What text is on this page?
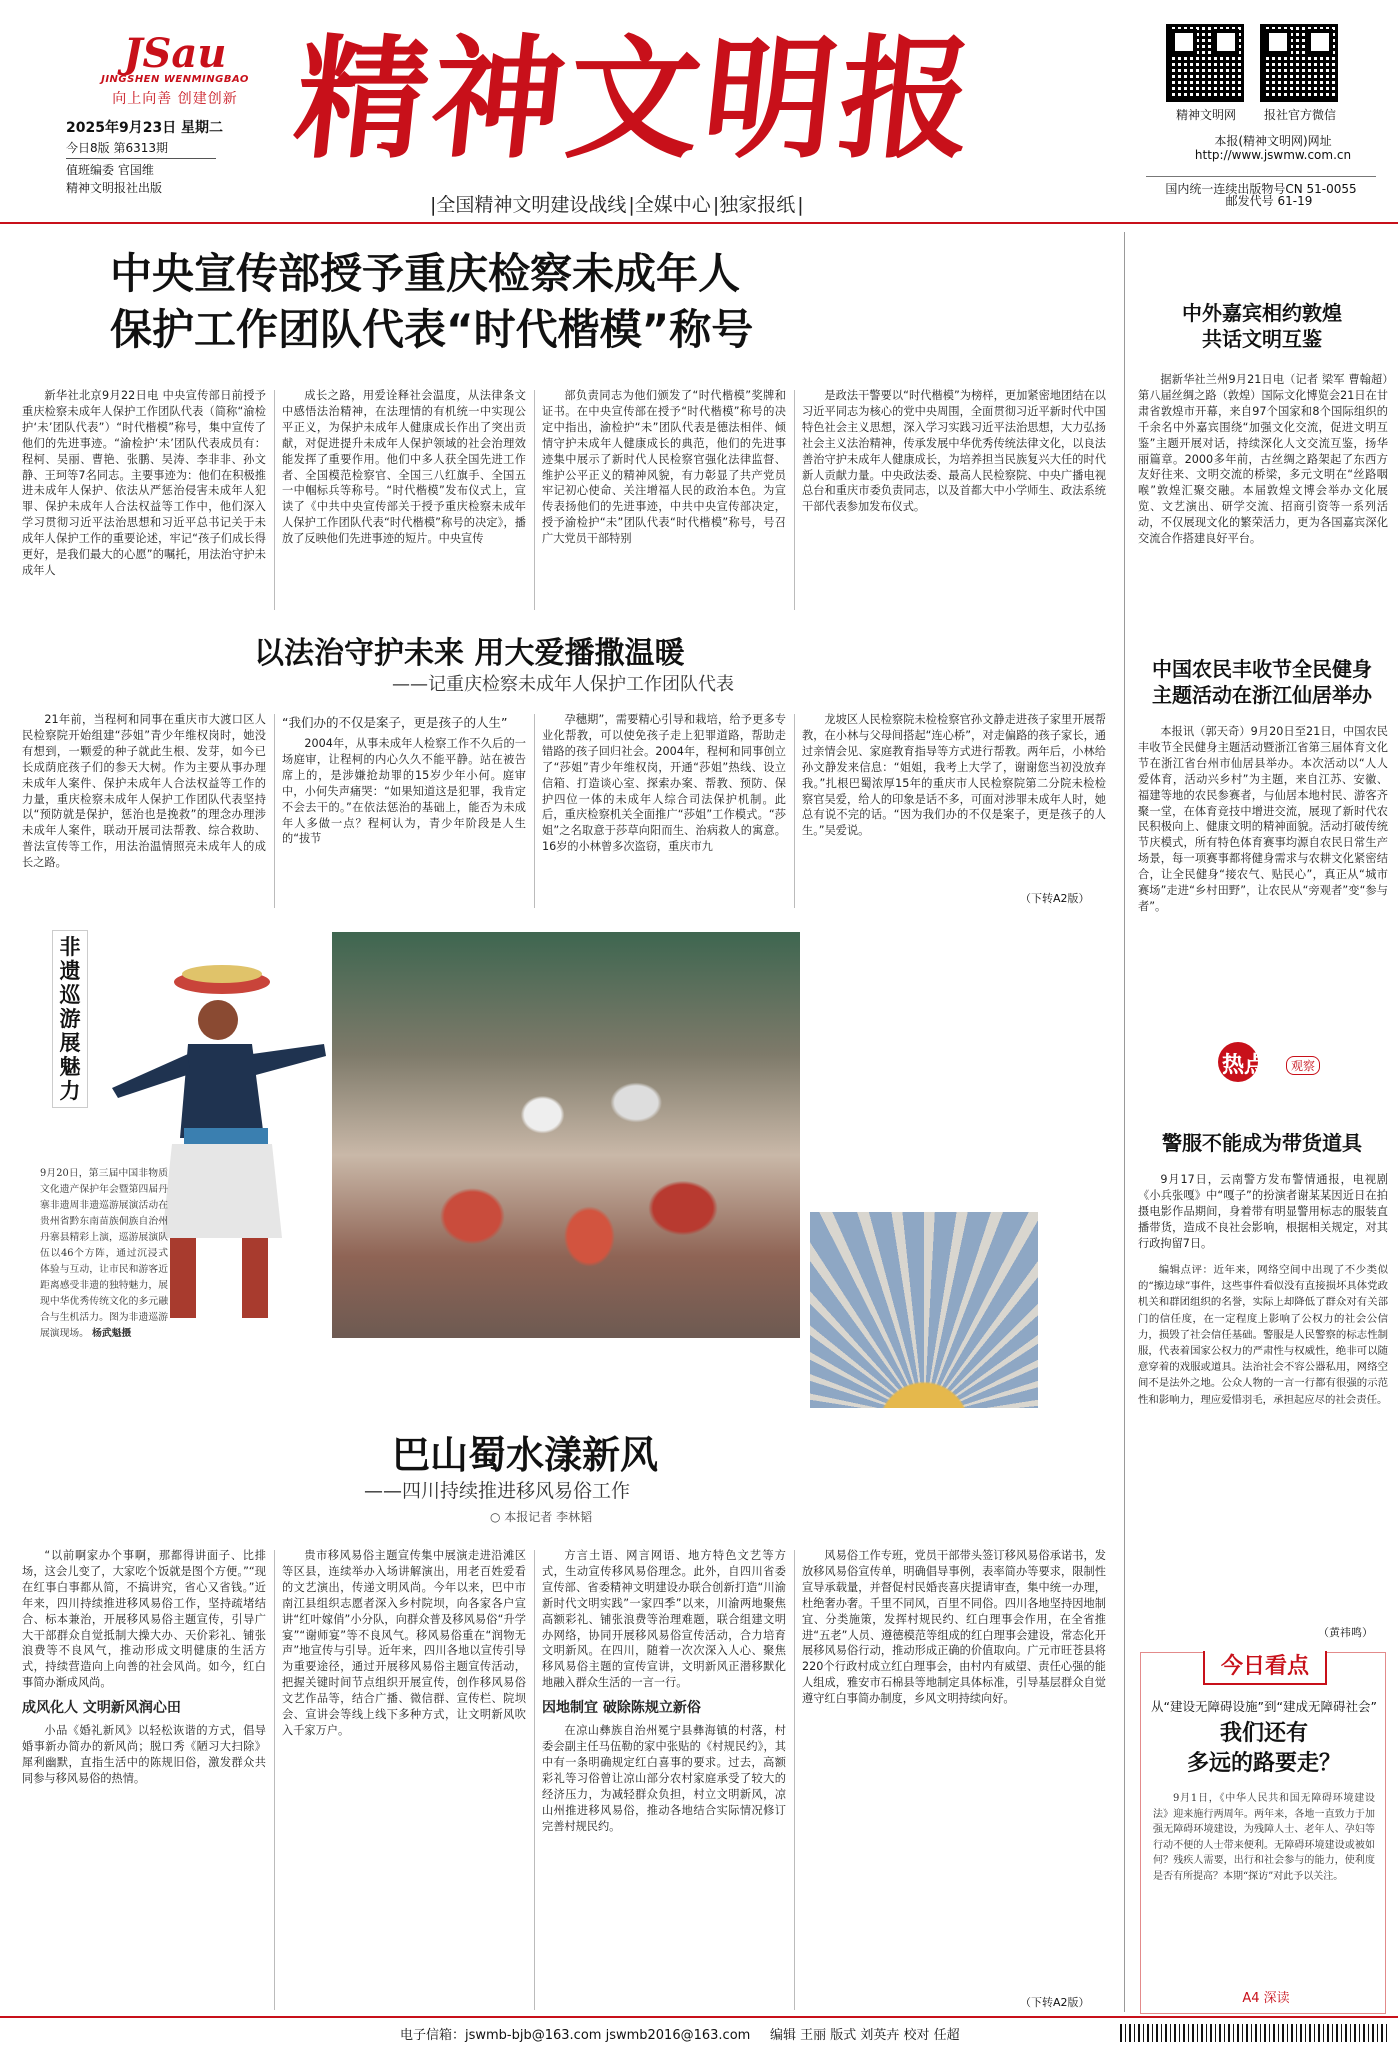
JSau
JINGSHEN WENMINGBAO
向上向善 创建创新
2025年9月23日 星期二
今日8版 第6313期
值班编委 官国维
精神文明报社出版
精神文明报
|全国精神文明建设战线 |全媒中心 |独家报纸 |
精神文明网	报社官方微信
本报(精神文明网)网址
http://www.jswmw.com.cn
国内统一连续出版物号CN 51-0055
邮发代号 61-19
中央宣传部授予重庆检察未成年人
保护工作团队代表“时代楷模”称号

新华社北京9月22日电 中央宣传部日前授予重庆检察未成年人保护工作团队代表（简称“渝检护‘未’团队代表”）“时代楷模”称号，集中宣传了他们的先进事迹。“渝检护‘未’团队代表成员有：程柯、吴丽、曹艳、张鹏、吴涛、李非非、孙文静、王珂等7名同志。主要事迹为：他们在积极推进未成年人保护、依法从严惩治侵害未成年人犯罪、保护未成年人合法权益等工作中，他们深入学习贯彻习近平法治思想和习近平总书记关于未成年人保护工作的重要论述，牢记“孩子们成长得更好，是我们最大的心愿”的嘱托，用法治守护未成年人

成长之路，用爱诠释社会温度，从法律条文中感悟法治精神，在法理情的有机统一中实现公平正义，为保护未成年人健康成长作出了突出贡献，对促进提升未成年人保护领域的社会治理效能发挥了重要作用。他们中多人获全国先进工作者、全国模范检察官、全国三八红旗手、全国五一中帼标兵等称号。“时代楷模”发布仪式上，宣读了《中共中央宣传部关于授予重庆检察未成年人保护工作团队代表“时代楷模”称号的决定》，播放了反映他们先进事迹的短片。中央宣传

部负责同志为他们颁发了“时代楷模”奖牌和证书。在中央宣传部在授予“时代楷模”称号的决定中指出，渝检护“未”团队代表是德法相伴、倾情守护未成年人健康成长的典范，他们的先进事迹集中展示了新时代人民检察官强化法律监督、维护公平正义的精神风貌，有力彰显了共产党员牢记初心使命、关注增福人民的政治本色。为宣传表扬他们的先进事迹，中共中央宣传部决定，授予渝检护“未”团队代表“时代楷模”称号，号召广大党员干部特别

是政法干警要以“时代楷模”为榜样，更加紧密地团结在以习近平同志为核心的党中央周围，全面贯彻习近平新时代中国特色社会主义思想，深入学习实践习近平法治思想，大力弘扬社会主义法治精神，传承发展中华优秀传统法律文化，以良法善治守护未成年人健康成长，为培养担当民族复兴大任的时代新人贡献力量。中央政法委、最高人民检察院、中央广播电视总台和重庆市委负责同志，以及首都大中小学师生、政法系统干部代表参加发布仪式。

以法治守护未来 用大爱播撒温暖
——记重庆检察未成年人保护工作团队代表

21年前，当程柯和同事在重庆市大渡口区人民检察院开始组建“莎姐”青少年维权岗时，她没有想到，一颗爱的种子就此生根、发芽，如今已长成荫庇孩子们的参天大树。作为主要从事办理未成年人案件、保护未成年人合法权益等工作的力量，重庆检察未成年人保护工作团队代表坚持以“预防就是保护，惩治也是挽救”的理念办理涉未成年人案件，联动开展司法帮教、综合救助、普法宣传等工作，用法治温情照亮未成年人的成长之路。

“我们办的不仅是案子，更是孩子的人生”

2004年，从事未成年人检察工作不久后的一场庭审，让程柯的内心久久不能平静。站在被告席上的，是涉嫌抢劫罪的15岁少年小何。庭审中，小何失声痛哭：“如果知道这是犯罪，我肯定不会去干的。”在依法惩治的基础上，能否为未成年人多做一点？程柯认为，青少年阶段是人生的“拔节

孕穗期”，需要精心引导和栽培，给予更多专业化帮教，可以使免孩子走上犯罪道路，帮助走错路的孩子回归社会。2004年，程柯和同事创立了“莎姐”青少年维权岗，开通“莎姐”热线、设立信箱、打造谈心室、探索办案、帮教、预防、保护四位一体的未成年人综合司法保护机制。此后，重庆检察机关全面推广“莎姐”工作模式。“莎姐”之名取意于莎草向阳而生、治病救人的寓意。16岁的小林曾多次盗窃，重庆市九

龙坡区人民检察院未检检察官孙文静走进孩子家里开展帮教，在小林与父母间搭起“连心桥”，对走偏路的孩子家长，通过亲情会见、家庭教育指导等方式进行帮教。两年后，小林给孙文静发来信息：“姐姐，我考上大学了，谢谢您当初没放弃我。”扎根巴蜀浓厚15年的重庆市人民检察院第二分院未检检察官吴爱，给人的印象是话不多，可面对涉罪未成年人时，她总有说不完的话。“因为我们办的不仅是案子，更是孩子的人生。”吴爱说。

（下转A2版）
非遗巡游展魅力
9月20日，第三届中国非物质文化遗产保护年会暨第四届丹寨非遗周非遗巡游展演活动在贵州省黔东南苗族侗族自治州丹寨县精彩上演，巡游展演队伍以46个方阵，通过沉浸式体验与互动，让市民和游客近距离感受非遗的独特魅力，展现中华优秀传统文化的多元融合与生机活力。图为非遗巡游展演现场。 杨武魁摄
巴山蜀水漾新风
——四川持续推进移风易俗工作
○ 本报记者 李林韬

“以前啊家办个事啊，那都得讲面子、比排场，这会儿变了，大家吃个饭就是图个方便。”“现在红事白事都从简，不搞讲究，省心又省钱。”近年来，四川持续推进移风易俗工作，坚持疏堵结合、标本兼治，开展移风易俗主题宣传，引导广大干部群众自觉抵制大操大办、天价彩礼、铺张浪费等不良风气，推动形成文明健康的生活方式，持续营造向上向善的社会风尚。如今，红白事简办渐成风尚。

成风化人 文明新风润心田

小品《婚礼新风》以轻松诙谐的方式，倡导婚事新办简办的新风尚；脱口秀《陋习大扫除》犀利幽默，直指生活中的陈规旧俗，激发群众共同参与移风易俗的热情。

贵市移风易俗主题宣传集中展演走进沿滩区等区县，连续举办入场讲解演出，用老百姓爱看的文艺演出，传递文明风尚。今年以来，巴中市南江县组织志愿者深入乡村院坝，向各家各户宣讲“红叶嫁俏”小分队，向群众普及移风易俗“升学宴”“谢师宴”等不良风气。移风易俗重在“润物无声”地宣传与引导。近年来，四川各地以宣传引导为重要途径，通过开展移风易俗主题宣传活动，把握关键时间节点组织开展宣传，创作移风易俗文艺作品等，结合广播、微信群、宣传栏、院坝会、宣讲会等线上线下多种方式，让文明新风吹入千家万户。

方言土语、网言网语、地方特色文艺等方式，生动宣传移风易俗理念。此外，自四川省委宣传部、省委精神文明建设办联合创新打造“川渝新时代文明实践”一家四季”以来，川渝两地聚焦高额彩礼、铺张浪费等治理难题，联合组建文明办网络，协同开展移风易俗宣传活动，合力培育文明新风。在四川，随着一次次深入人心、聚焦移风易俗主题的宣传宣讲，文明新风正潜移默化地融入群众生活的一言一行。

因地制宜 破除陈规立新俗

在凉山彝族自治州冕宁县彝海镇的村落，村委会副主任马伍勒的家中张贴的《村规民约》，其中有一条明确规定红白喜事的要求。过去，高额彩礼等习俗曾让凉山部分农村家庭承受了较大的经济压力，为减轻群众负担，村立文明新风，凉山州推进移风易俗，推动各地结合实际情况修订完善村规民约。

风易俗工作专班，党员干部带头签订移风易俗承诺书，发放移风易俗宣传单，明确倡导事例，表率简办等要求，限制性宣导承载量，并督促村民婚丧喜庆提请审查，集中统一办理，杜绝奢办奢。千里不同风，百里不同俗。四川各地坚持因地制宜、分类施策，发挥村规民约、红白理事会作用，在全省推进“五老”人员、遵德模范等组成的红白理事会建设，常态化开展移风易俗行动，推动形成正确的价值取向。广元市旺苍县将220个行政村成立红白理事会，由村内有威望、责任心强的能人组成，雅安市石棉县等地制定具体标准，引导基层群众自觉遵守红白事简办制度，乡风文明持续向好。

（下转A2版）
中外嘉宾相约敦煌
共话文明互鉴

据新华社兰州9月21日电（记者 梁军 曹翰超）第八届丝绸之路（敦煌）国际文化博览会21日在甘肃省敦煌市开幕，来自97个国家和8个国际组织的千余名中外嘉宾围绕“加强文化交流，促进文明互鉴”主题开展对话，持续深化人文交流互鉴，扬华丽篇章。2000多年前，古丝绸之路架起了东西方友好往来、文明交流的桥梁，多元文明在“丝路咽喉”敦煌汇聚交融。本届敦煌文博会举办文化展览、文艺演出、研学交流、招商引资等一系列活动，不仅展现文化的繁荣活力，更为各国嘉宾深化交流合作搭建良好平台。

中国农民丰收节全民健身
主题活动在浙江仙居举办

本报讯（郭天奇）9月20日至21日，中国农民丰收节全民健身主题活动暨浙江省第三届体育文化节在浙江省台州市仙居县举办。本次活动以“人人爱体育，活动兴乡村”为主题，来自江苏、安徽、福建等地的农民参赛者，与仙居本地村民、游客齐聚一堂，在体育竞技中增进交流，展现了新时代农民积极向上、健康文明的精神面貌。活动打破传统节庆模式，所有特色体育赛事均源自农民日常生产场景，每一项赛事都将健身需求与农耕文化紧密结合，让全民健身“接农气、贴民心”，真正从“城市赛场”走进“乡村田野”，让农民从“旁观者”变“参与者”。

热点	观察
警服不能成为带货道具

9月17日，云南警方发布警情通报，电视剧《小兵张嘎》中“嘎子”的扮演者谢某某因近日在拍摄电影作品期间，身着带有明显警用标志的服装直播带货，造成不良社会影响，根据相关规定，对其行政拘留7日。

编辑点评：近年来，网络空间中出现了不少类似的“擦边球”事件，这些事件看似没有直接损坏具体党政机关和群团组织的名誉，实际上却降低了群众对有关部门的信任度，在一定程度上影响了公权力的社会公信力，损毁了社会信任基础。警服是人民警察的标志性制服，代表着国家公权力的严肃性与权威性，绝非可以随意穿着的戏服或道具。法治社会不容公器私用，网络空间不是法外之地。公众人物的一言一行都有很强的示范性和影响力，理应爱惜羽毛，承担起应尽的社会责任。

（黄祎鸣）
今日看点
从“建设无障碍设施”到“建成无障碍社会”
我们还有
多远的路要走？
9月1日，《中华人民共和国无障碍环境建设法》迎来施行两周年。两年来，各地一直致力于加强无障碍环境建设，为残障人士、老年人、孕妇等行动不便的人士带来便利。无障碍环境建设或被如何？残疾人需要，出行和社会参与的能力，使利度是否有所提高？本期“探访”对此予以关注。
A4 深读
电子信箱：jswmb-bjb@163.com jswmb2016@163.com 编辑 王丽 版式 刘英卉 校对 任超
